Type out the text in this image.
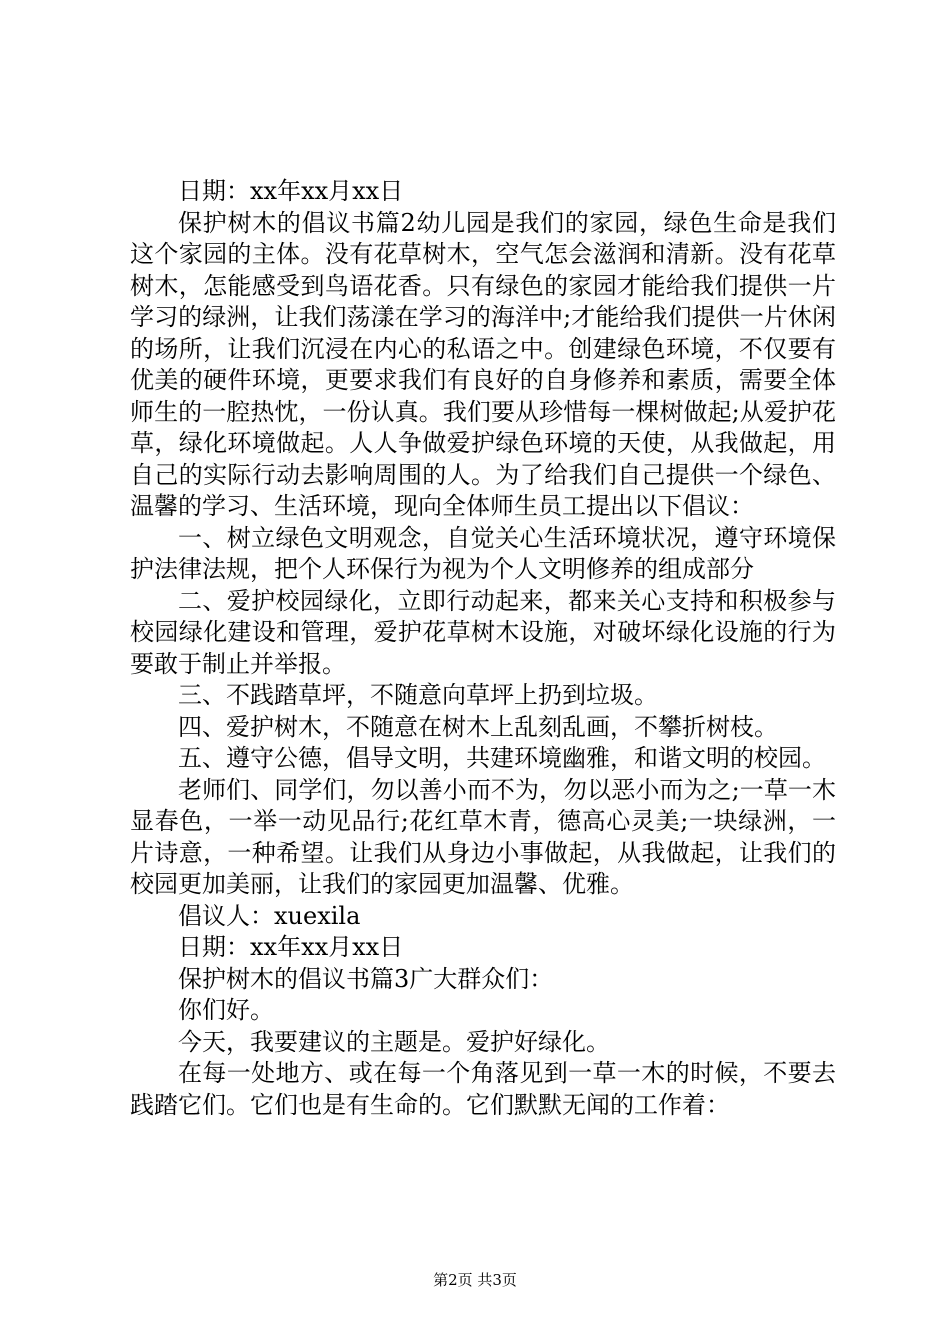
日期：xx年xx月xx日

保护树木的倡议书篇2幼儿园是我们的家园，绿色生命是我们这个家园的主体。没有花草树木，空气怎会滋润和清新。没有花草树木，怎能感受到鸟语花香。只有绿色的家园才能给我们提供一片学习的绿洲，让我们荡漾在学习的海洋中;才能给我们提供一片休闲的场所，让我们沉浸在内心的私语之中。创建绿色环境，不仅要有优美的硬件环境，更要求我们有良好的自身修养和素质，需要全体师生的一腔热忱，一份认真。我们要从珍惜每一棵树做起;从爱护花草，绿化环境做起。人人争做爱护绿色环境的天使，从我做起，用自己的实际行动去影响周围的人。为了给我们自己提供一个绿色、温馨的学习、生活环境，现向全体师生员工提出以下倡议：

一、树立绿色文明观念，自觉关心生活环境状况，遵守环境保护法律法规，把个人环保行为视为个人文明修养的组成部分

二、爱护校园绿化，立即行动起来，都来关心支持和积极参与校园绿化建设和管理，爱护花草树木设施，对破坏绿化设施的行为要敢于制止并举报。

三、不践踏草坪，不随意向草坪上扔到垃圾。

四、爱护树木，不随意在树木上乱刻乱画，不攀折树枝。

五、遵守公德，倡导文明，共建环境幽雅，和谐文明的校园。

老师们、同学们，勿以善小而不为，勿以恶小而为之;一草一木显春色，一举一动见品行;花红草木青，德高心灵美;一块绿洲，一片诗意，一种希望。让我们从身边小事做起，从我做起，让我们的校园更加美丽，让我们的家园更加温馨、优雅。

倡议人：xuexila

日期：xx年xx月xx日

保护树木的倡议书篇3广大群众们：

你们好。

今天，我要建议的主题是。爱护好绿化。

在每一处地方、或在每一个角落见到一草一木的时候，不要去践踏它们。它们也是有生命的。它们默默无闻的工作着：

第2页 共3页
